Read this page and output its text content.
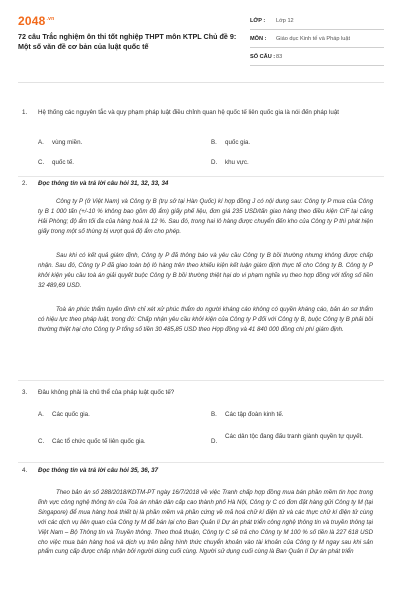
$2048^{.vn}$
72 câu Trắc nghiệm ôn thi tốt nghiệp THPT môn KTPL Chủ đề 9: Một số văn đề cơ bản của luật quốc tế
LỚP :	Lớp 12
MÔN :	Giáo dục Kinh tế và Pháp luật
SỐ CÂU : 83
1. Hệ thống các nguyên tắc và quy phạm pháp luật điều chỉnh quan hệ quốc tế liên quốc gia là nói đến pháp luật
A. vùng miền.	B. quốc gia.
C. quốc tế.	D. khu vực.
2. Đọc thông tin và trả lời câu hỏi 31, 32, 33, 34
Công ty P (ở Việt Nam) và Công ty B (trụ sở tại Hàn Quốc) kí hợp đồng J có nội dung sau: Công ty P mua của Công ty B 1 000 tấn (+/-10 % không bao gồm độ ẩm) giấy phế liệu, đơn giá 235 USD/tấn giao hàng theo điều kiện CIF tại cảng Hải Phòng; độ ẩm tối đa của hàng hoá là 12 %. Sau đó, trong hai lô hàng được chuyển đến kho của Công ty P thì phát hiện giấy trong một số thùng bị vượt quá độ ẩm cho phép.
Sau khi có kết quả giám định, Công ty P đã thông báo và yêu cầu Công ty B bồi thường nhưng không được chấp nhận. Sau đó, Công ty P đã giao toàn bộ lô hàng trên theo khiếu kiện kết luận giám định thực tế cho Công ty B. Công ty P khởi kiện yêu cầu toà án giải quyết buộc Công ty B bồi thường thiệt hại do vi phạm nghĩa vụ theo hợp đồng với tổng số tiền 32 489,69 USD.
Toà án phúc thẩm tuyên đình chỉ xét xử phúc thẩm do người kháng cáo không có quyền kháng cáo, bản án sơ thẩm có hiệu lực theo pháp luật, trong đó: Chấp nhận yêu cầu khởi kiện của Công ty P đối với Công ty B, buộc Công ty B phải bồi thường thiệt hại cho Công ty P tổng số tiền 30 485,85 USD theo Hợp đồng và 41 840 000 đồng chi phí giám định.
3. Đâu không phải là chủ thể của pháp luật quốc tế?
A. Các quốc gia.	B. Các tập đoàn kinh tế.
C. Các tổ chức quốc tế liên quốc gia.	D.
Các dân tộc đang đấu tranh giành quyền tự quyết.
4. Đọc thông tin và trả lời câu hỏi 35, 36, 37
Theo bản án số 288/2018/KDTM-PT ngày 16/7/2018 về việc Tranh chấp hợp đồng mua bán phần mềm tin học trong lĩnh vực công nghệ thông tin của Toà án nhân dân cấp cao thành phố Hà Nội, Công ty C có đơn đặt hàng gửi Công ty M (tại Singapore) để mua hàng hoá thiết bị là phần mềm và phần cứng về mã hoá chữ kí điện tử và các thực chữ kí điện tử cùng với các dịch vụ liên quan của Công ty M để bán lại cho Ban Quản lí Dự án phát triển công nghệ thông tin và truyền thông tại Việt Nam – Bộ Thông tin và Truyền thông. Theo thoả thuận, Công ty C sẽ trả cho Công ty M 100 % số tiền là 227 618 USD cho việc mua bán hàng hoá và dịch vụ trên bằng hình thức chuyển khoản vào tài khoản của Công ty M ngay sau khi sản phẩm cung cấp được chấp nhận bởi người dùng cuối cùng. Người sử dụng cuối cùng là Ban Quản lí Dự án phát triển
